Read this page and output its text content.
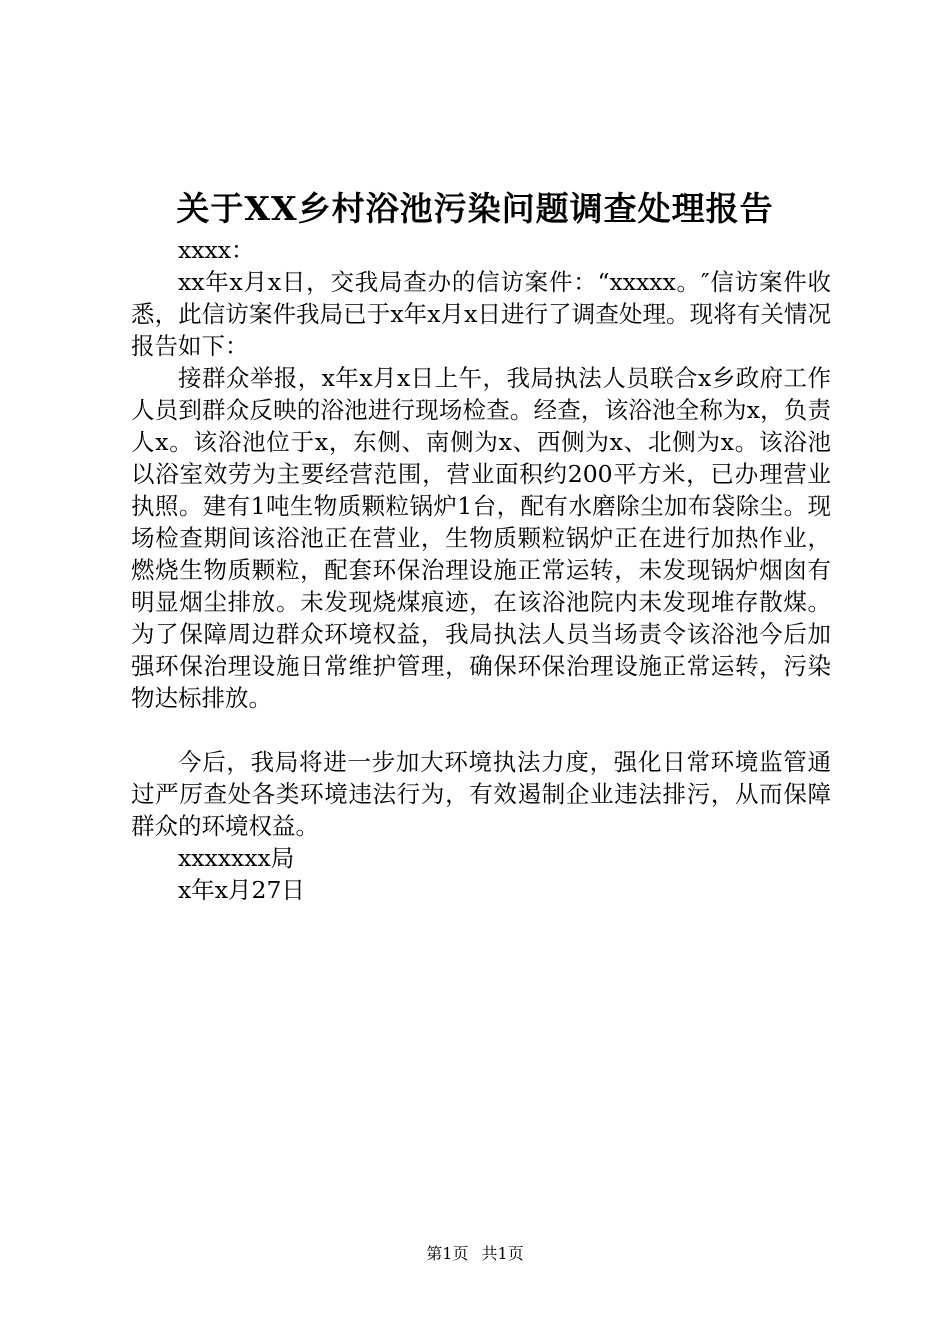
关于XX乡村浴池污染问题调查处理报告

xxxx：

xx年x月x日，交我局查办的信访案件：“xxxxx。″信访案件收悉，此信访案件我局已于x年x月x日进行了调查处理。现将有关情况报告如下：

接群众举报，x年x月x日上午，我局执法人员联合x乡政府工作人员到群众反映的浴池进行现场检查。经查，该浴池全称为x，负责人x。该浴池位于x，东侧、南侧为x、西侧为x、北侧为x。该浴池以浴室效劳为主要经营范围，营业面积约200平方米，已办理营业执照。建有1吨生物质颗粒锅炉1台，配有水磨除尘加布袋除尘。现场检查期间该浴池正在营业，生物质颗粒锅炉正在进行加热作业，燃烧生物质颗粒，配套环保治理设施正常运转，未发现锅炉烟囱有明显烟尘排放。未发现烧煤痕迹，在该浴池院内未发现堆存散煤。为了保障周边群众环境权益，我局执法人员当场责令该浴池今后加强环保治理设施日常维护管理，确保环保治理设施正常运转，污染物达标排放。

今后，我局将进一步加大环境执法力度，强化日常环境监管通过严厉查处各类环境违法行为，有效遏制企业违法排污，从而保障群众的环境权益。

xxxxxxx局

x年x月27日

第1页 共1页
